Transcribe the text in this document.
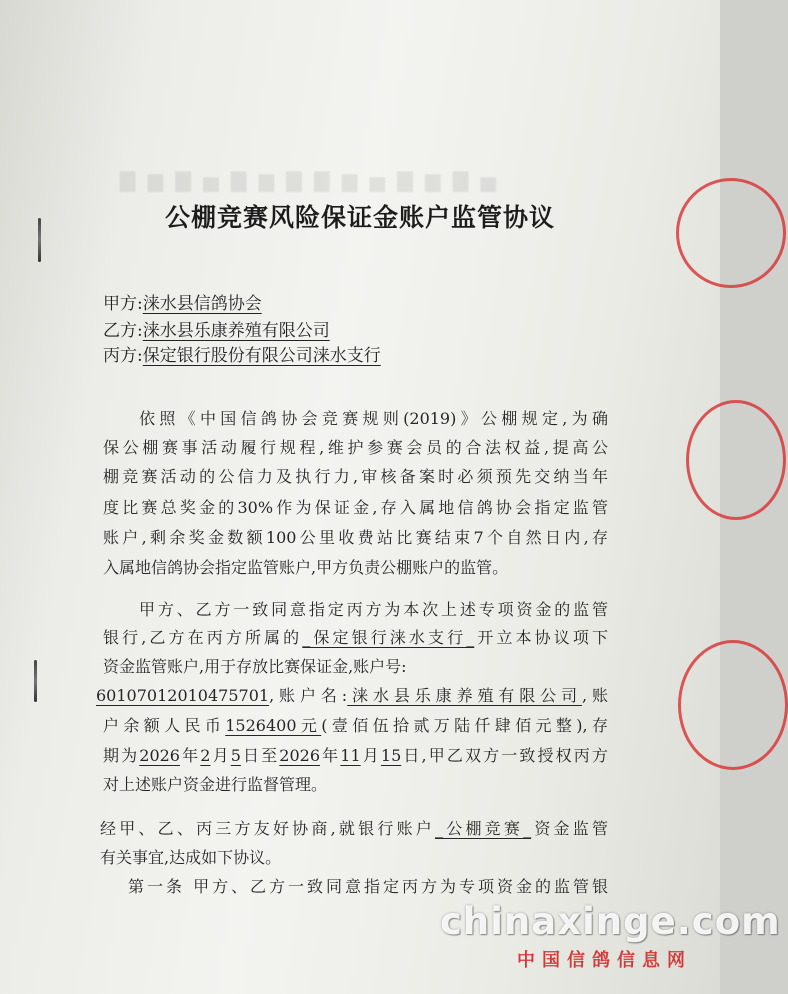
▇ ▆ ▇ ▅ ▇ ▆ ▇ ▇ ▆ ▅ ▇ ▆ ▇ ▅
公棚竞赛风险保证金账户监管协议
甲方:涞水县信鸽协会
乙方:涞水县乐康养殖有限公司
丙方:保定银行股份有限公司涞水支行
依照《中国信鸽协会竞赛规则(2019)》公棚规定,为确
保公棚赛事活动履行规程,维护参赛会员的合法权益,提高公
棚竞赛活动的公信力及执行力,审核备案时必须预先交纳当年
度比赛总奖金的30%作为保证金,存入属地信鸽协会指定监管
账户,剩余奖金数额100公里收费站比赛结束7个自然日内,存
入属地信鸽协会指定监管账户,甲方负责公棚账户的监管。
甲方、乙方一致同意指定丙方为本次上述专项资金的监管
银行,乙方在丙方所属的_保定银行涞水支行_开立本协议项下
资金监管账户,用于存放比赛保证金,账户号:
60107012010475701,账户名:涞水县乐康养殖有限公司,账
户余额人民币1526400元(壹佰伍拾贰万陆仟肆佰元整),存
期为2026年2月5日至2026年11月15日,甲乙双方一致授权丙方
对上述账户资金进行监督管理。
经甲、乙、丙三方友好协商,就银行账户_公棚竞赛_资金监管
有关事宜,达成如下协议。
第一条 甲方、乙方一致同意指定丙方为专项资金的监管银
chinaxinge.com
中国信鸽信息网
